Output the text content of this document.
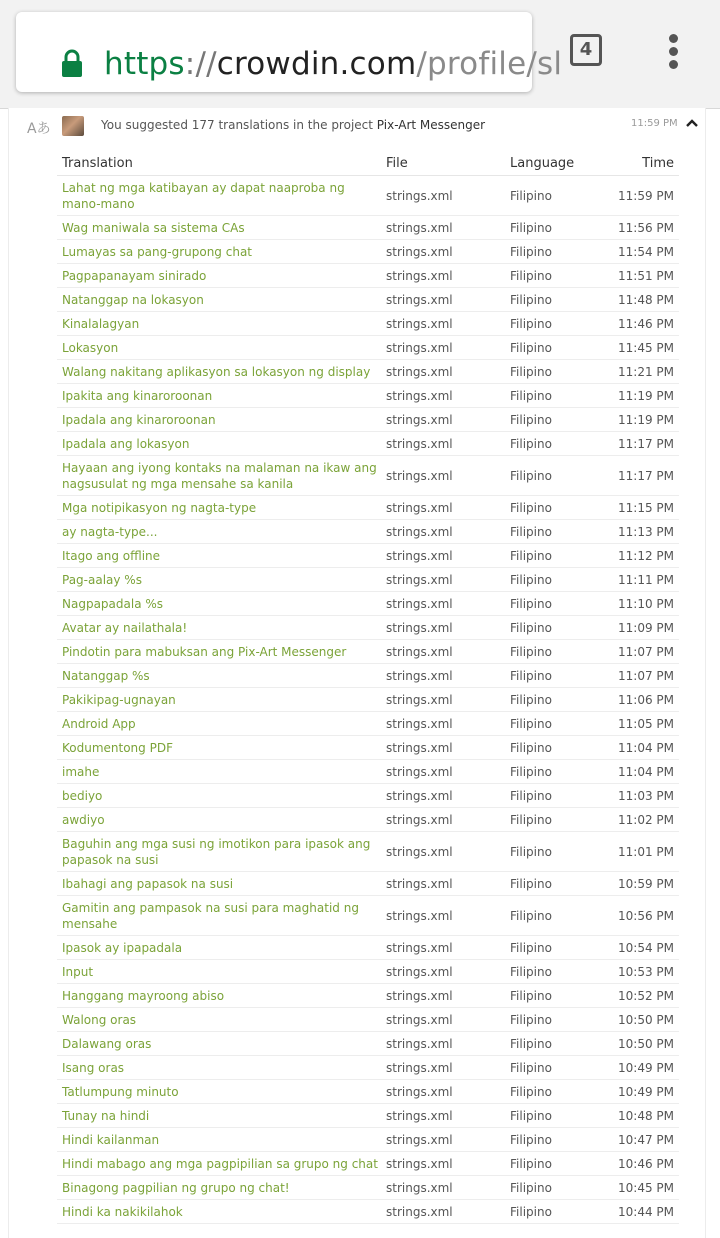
https://crowdin.com/profile/sl 4
Aあ	You suggested 177 translations in the project Pix-Art Messenger	11:59 PM
Translation	File	Language	Time
Lahat ng mga katibayan ay dapat naaproba ng mano-mano	strings.xml	Filipino	11:59 PM
Wag maniwala sa sistema CAs	strings.xml	Filipino	11:56 PM
Lumayas sa pang-grupong chat	strings.xml	Filipino	11:54 PM
Pagpapanayam sinirado	strings.xml	Filipino	11:51 PM
Natanggap na lokasyon	strings.xml	Filipino	11:48 PM
Kinalalagyan	strings.xml	Filipino	11:46 PM
Lokasyon	strings.xml	Filipino	11:45 PM
Walang nakitang aplikasyon sa lokasyon ng display	strings.xml	Filipino	11:21 PM
Ipakita ang kinaroroonan	strings.xml	Filipino	11:19 PM
Ipadala ang kinaroroonan	strings.xml	Filipino	11:19 PM
Ipadala ang lokasyon	strings.xml	Filipino	11:17 PM
Hayaan ang iyong kontaks na malaman na ikaw ang nagsusulat ng mga mensahe sa kanila	strings.xml	Filipino	11:17 PM
Mga notipikasyon ng nagta-type	strings.xml	Filipino	11:15 PM
ay nagta-type...	strings.xml	Filipino	11:13 PM
Itago ang offline	strings.xml	Filipino	11:12 PM
Pag-aalay %s	strings.xml	Filipino	11:11 PM
Nagpapadala %s	strings.xml	Filipino	11:10 PM
Avatar ay nailathala!	strings.xml	Filipino	11:09 PM
Pindotin para mabuksan ang Pix-Art Messenger	strings.xml	Filipino	11:07 PM
Natanggap %s	strings.xml	Filipino	11:07 PM
Pakikipag-ugnayan	strings.xml	Filipino	11:06 PM
Android App	strings.xml	Filipino	11:05 PM
Kodumentong PDF	strings.xml	Filipino	11:04 PM
imahe	strings.xml	Filipino	11:04 PM
bediyo	strings.xml	Filipino	11:03 PM
awdiyo	strings.xml	Filipino	11:02 PM
Baguhin ang mga susi ng imotikon para ipasok ang papasok na susi	strings.xml	Filipino	11:01 PM
Ibahagi ang papasok na susi	strings.xml	Filipino	10:59 PM
Gamitin ang pampasok na susi para maghatid ng mensahe	strings.xml	Filipino	10:56 PM
Ipasok ay ipapadala	strings.xml	Filipino	10:54 PM
Input	strings.xml	Filipino	10:53 PM
Hanggang mayroong abiso	strings.xml	Filipino	10:52 PM
Walong oras	strings.xml	Filipino	10:50 PM
Dalawang oras	strings.xml	Filipino	10:50 PM
Isang oras	strings.xml	Filipino	10:49 PM
Tatlumpung minuto	strings.xml	Filipino	10:49 PM
Tunay na hindi	strings.xml	Filipino	10:48 PM
Hindi kailanman	strings.xml	Filipino	10:47 PM
Hindi mabago ang mga pagpipilian sa grupo ng chat	strings.xml	Filipino	10:46 PM
Binagong pagpilian ng grupo ng chat!	strings.xml	Filipino	10:45 PM
Hindi ka nakikilahok	strings.xml	Filipino	10:44 PM
